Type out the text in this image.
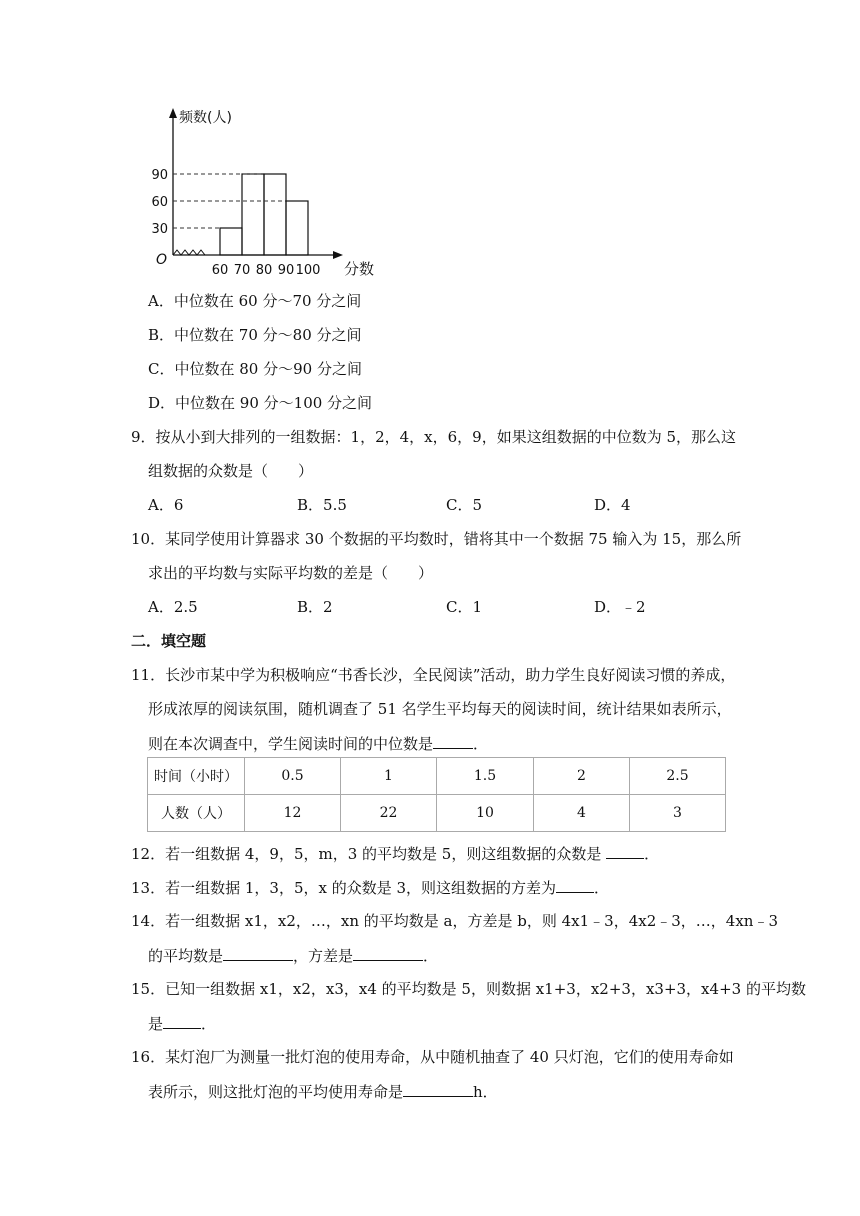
频数(人)
分数
O
30
60
90
60 70 80 90 100
A．中位数在 60 分～70 分之间
B．中位数在 70 分～80 分之间
C．中位数在 80 分～90 分之间
D．中位数在 90 分～100 分之间
9．按从小到大排列的一组数据：1，2，4，x，6，9，如果这组数据的中位数为 5，那么这
组数据的众数是（　　）
A．6	B．5.5	C．5	D．4
10．某同学使用计算器求 30 个数据的平均数时，错将其中一个数据 75 输入为 15，那么所
求出的平均数与实际平均数的差是（　　）
A．2.5	B．2	C．1	D．﹣2
二．填空题
11．长沙市某中学为积极响应“书香长沙，全民阅读”活动，助力学生良好阅读习惯的养成，
形成浓厚的阅读氛围，随机调查了 51 名学生平均每天的阅读时间，统计结果如表所示，
则在本次调查中，学生阅读时间的中位数是	．
时间（小时）	0.5	1	1.5	2	2.5
人数（人）	12	22	10	4	3
12．若一组数据 4，9，5，m，3 的平均数是 5，则这组数据的众数是	．
13．若一组数据 1，3，5，x 的众数是 3，则这组数据的方差为	．
14．若一组数据 x1，x2，…，xn 的平均数是 a，方差是 b，则 4x1﹣3，4x2﹣3，…，4xn﹣3
的平均数是	，方差是	．
15．已知一组数据 x1，x2，x3，x4 的平均数是 5，则数据 x1+3，x2+3，x3+3，x4+3 的平均数
是	．
16．某灯泡厂为测量一批灯泡的使用寿命，从中随机抽查了 40 只灯泡，它们的使用寿命如
表所示，则这批灯泡的平均使用寿命是	h．
